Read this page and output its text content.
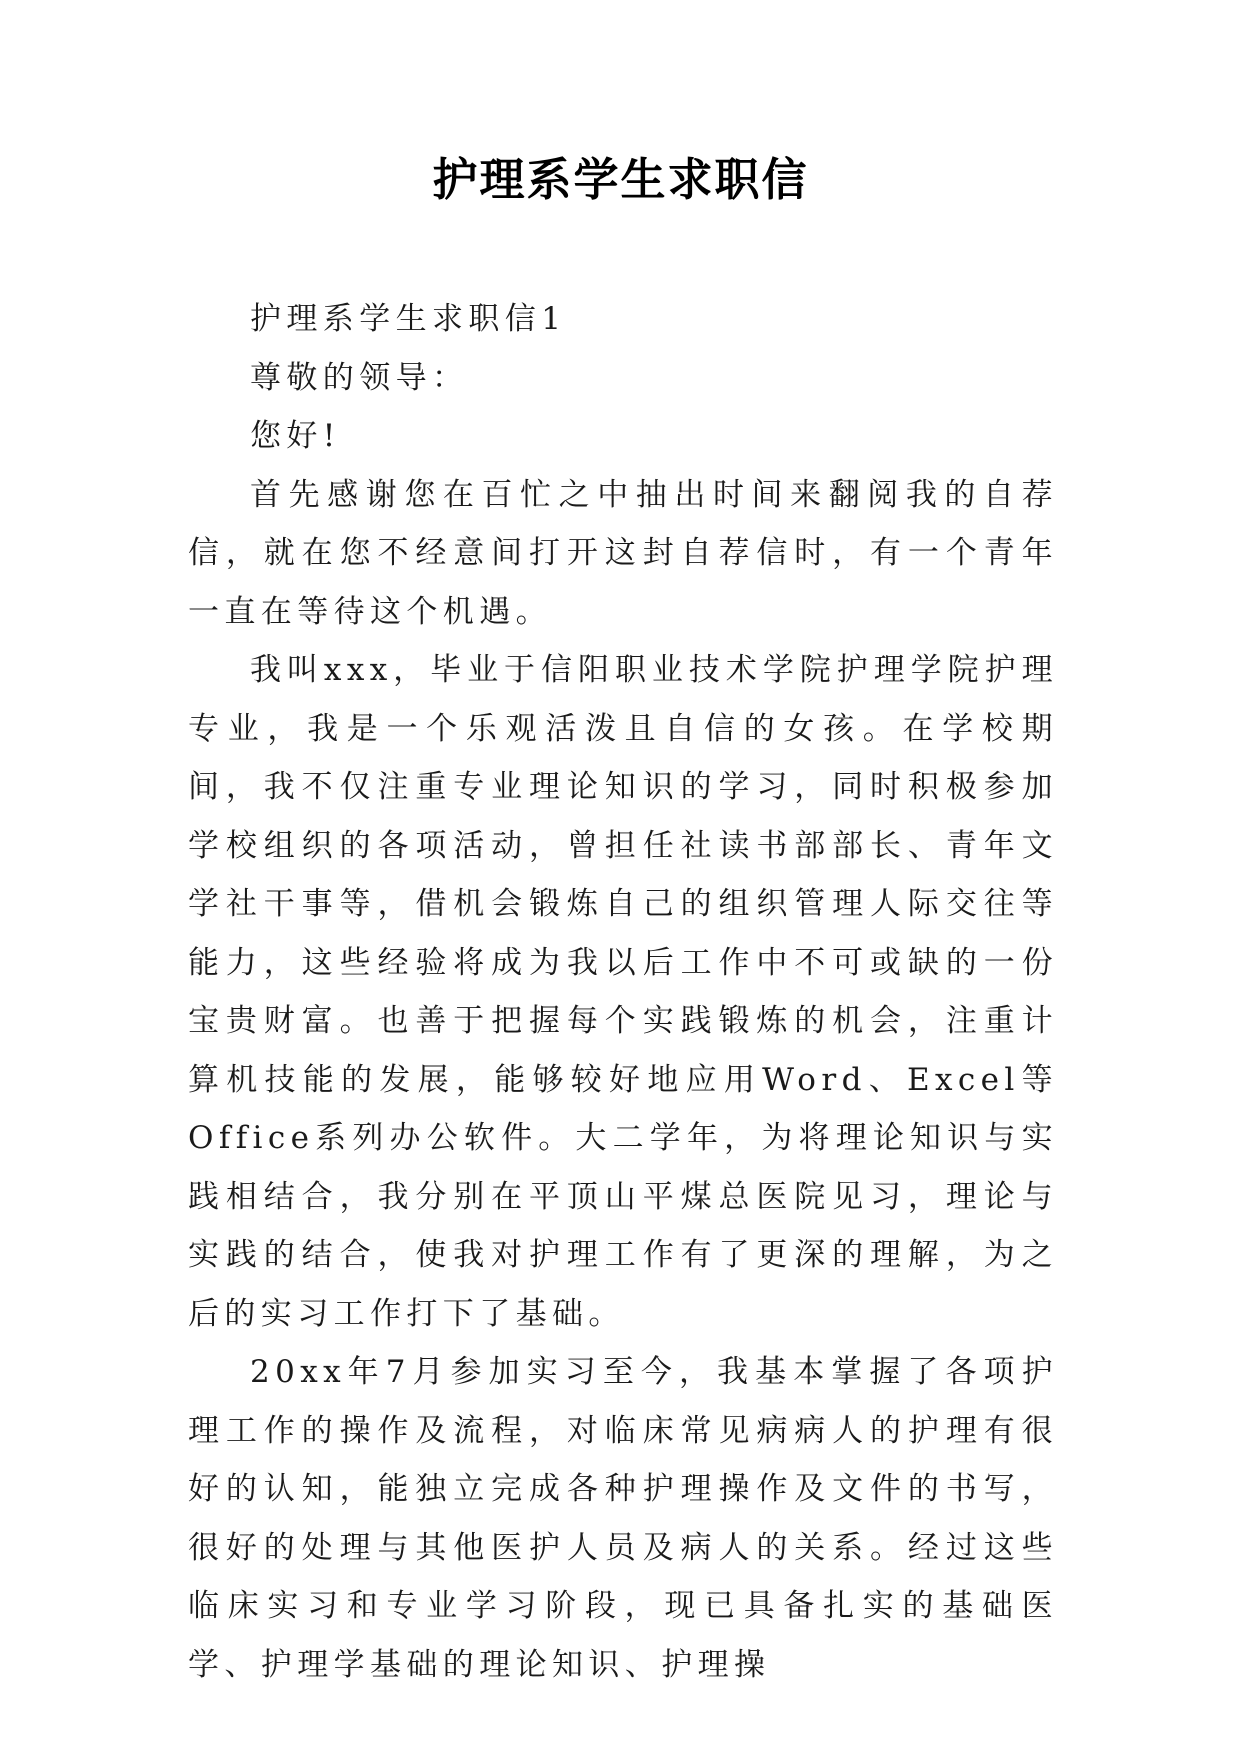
护理系学生求职信

护理系学生求职信1

尊敬的领导：

您好!

首先感谢您在百忙之中抽出时间来翻阅我的自荐信，就在您不经意间打开这封自荐信时，有一个青年一直在等待这个机遇。

我叫xxx，毕业于信阳职业技术学院护理学院护理专业，我是一个乐观活泼且自信的女孩。在学校期间，我不仅注重专业理论知识的学习，同时积极参加学校组织的各项活动，曾担任社读书部部长、青年文学社干事等，借机会锻炼自己的组织管理人际交往等能力，这些经验将成为我以后工作中不可或缺的一份宝贵财富。也善于把握每个实践锻炼的机会，注重计算机技能的发展，能够较好地应用Word、Excel等Office系列办公软件。大二学年，为将理论知识与实践相结合，我分别在平顶山平煤总医院见习，理论与实践的结合，使我对护理工作有了更深的理解，为之后的实习工作打下了基础。

20xx年7月参加实习至今，我基本掌握了各项护理工作的操作及流程，对临床常见病病人的护理有很好的认知，能独立完成各种护理操作及文件的书写，很好的处理与其他医护人员及病人的关系。经过这些临床实习和专业学习阶段，现已具备扎实的基础医学、护理学基础的理论知识、护理操
